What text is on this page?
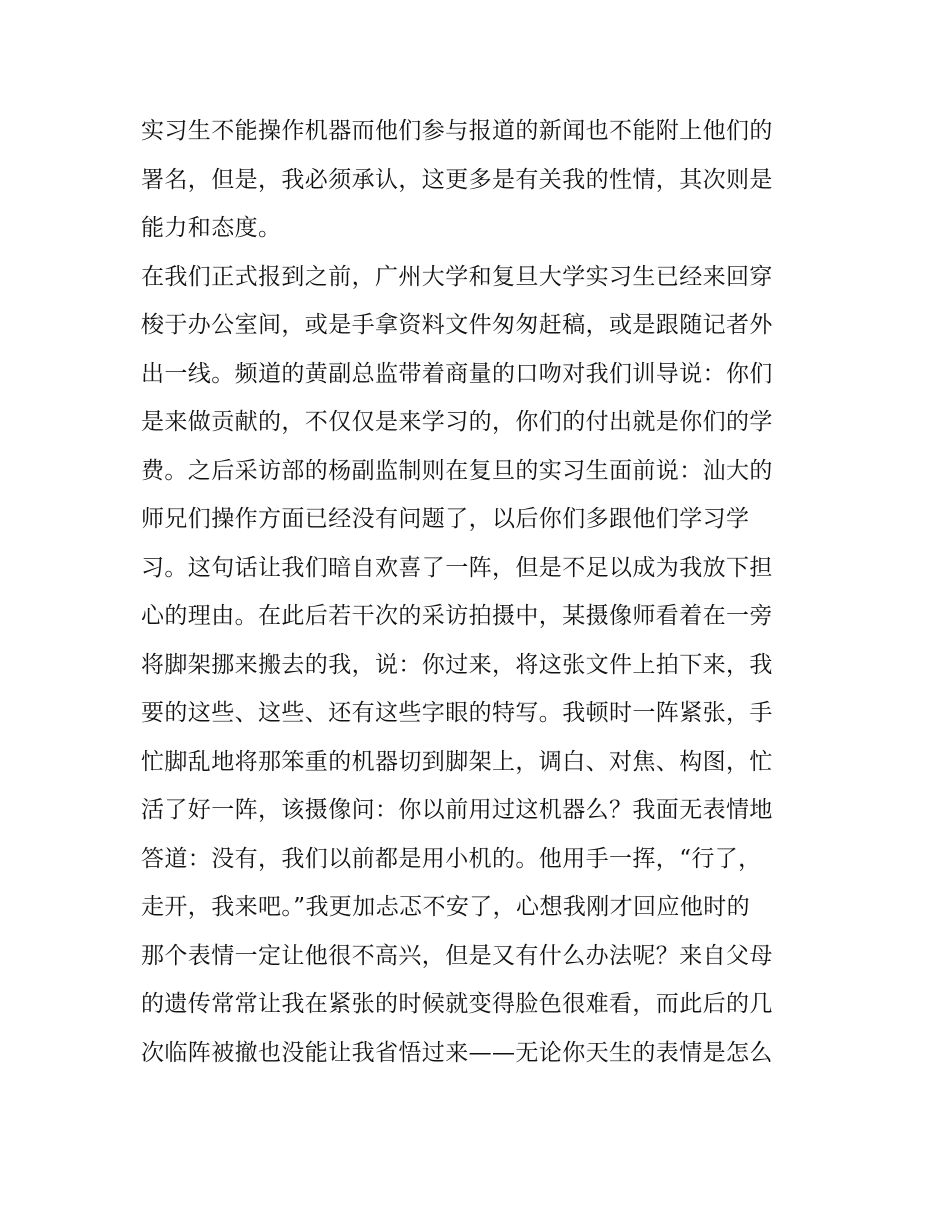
实习生不能操作机器而他们参与报道的新闻也不能附上他们的
署名，但是，我必须承认，这更多是有关我的性情，其次则是
能力和态度。
在我们正式报到之前，广州大学和复旦大学实习生已经来回穿
梭于办公室间，或是手拿资料文件匆匆赶稿，或是跟随记者外
出一线。频道的黄副总监带着商量的口吻对我们训导说：你们
是来做贡献的，不仅仅是来学习的，你们的付出就是你们的学
费。之后采访部的杨副监制则在复旦的实习生面前说：汕大的
师兄们操作方面已经没有问题了，以后你们多跟他们学习学
习。这句话让我们暗自欢喜了一阵，但是不足以成为我放下担
心的理由。在此后若干次的采访拍摄中，某摄像师看着在一旁
将脚架挪来搬去的我，说：你过来，将这张文件上拍下来，我
要的这些、这些、还有这些字眼的特写。我顿时一阵紧张，手
忙脚乱地将那笨重的机器切到脚架上，调白、对焦、构图，忙
活了好一阵，该摄像问：你以前用过这机器么？我面无表情地
答道：没有，我们以前都是用小机的。他用手一挥，“行了，
走开，我来吧。”我更加忐忑不安了，心想我刚才回应他时的
那个表情一定让他很不高兴，但是又有什么办法呢？来自父母
的遗传常常让我在紧张的时候就变得脸色很难看，而此后的几
次临阵被撤也没能让我省悟过来——无论你天生的表情是怎么
